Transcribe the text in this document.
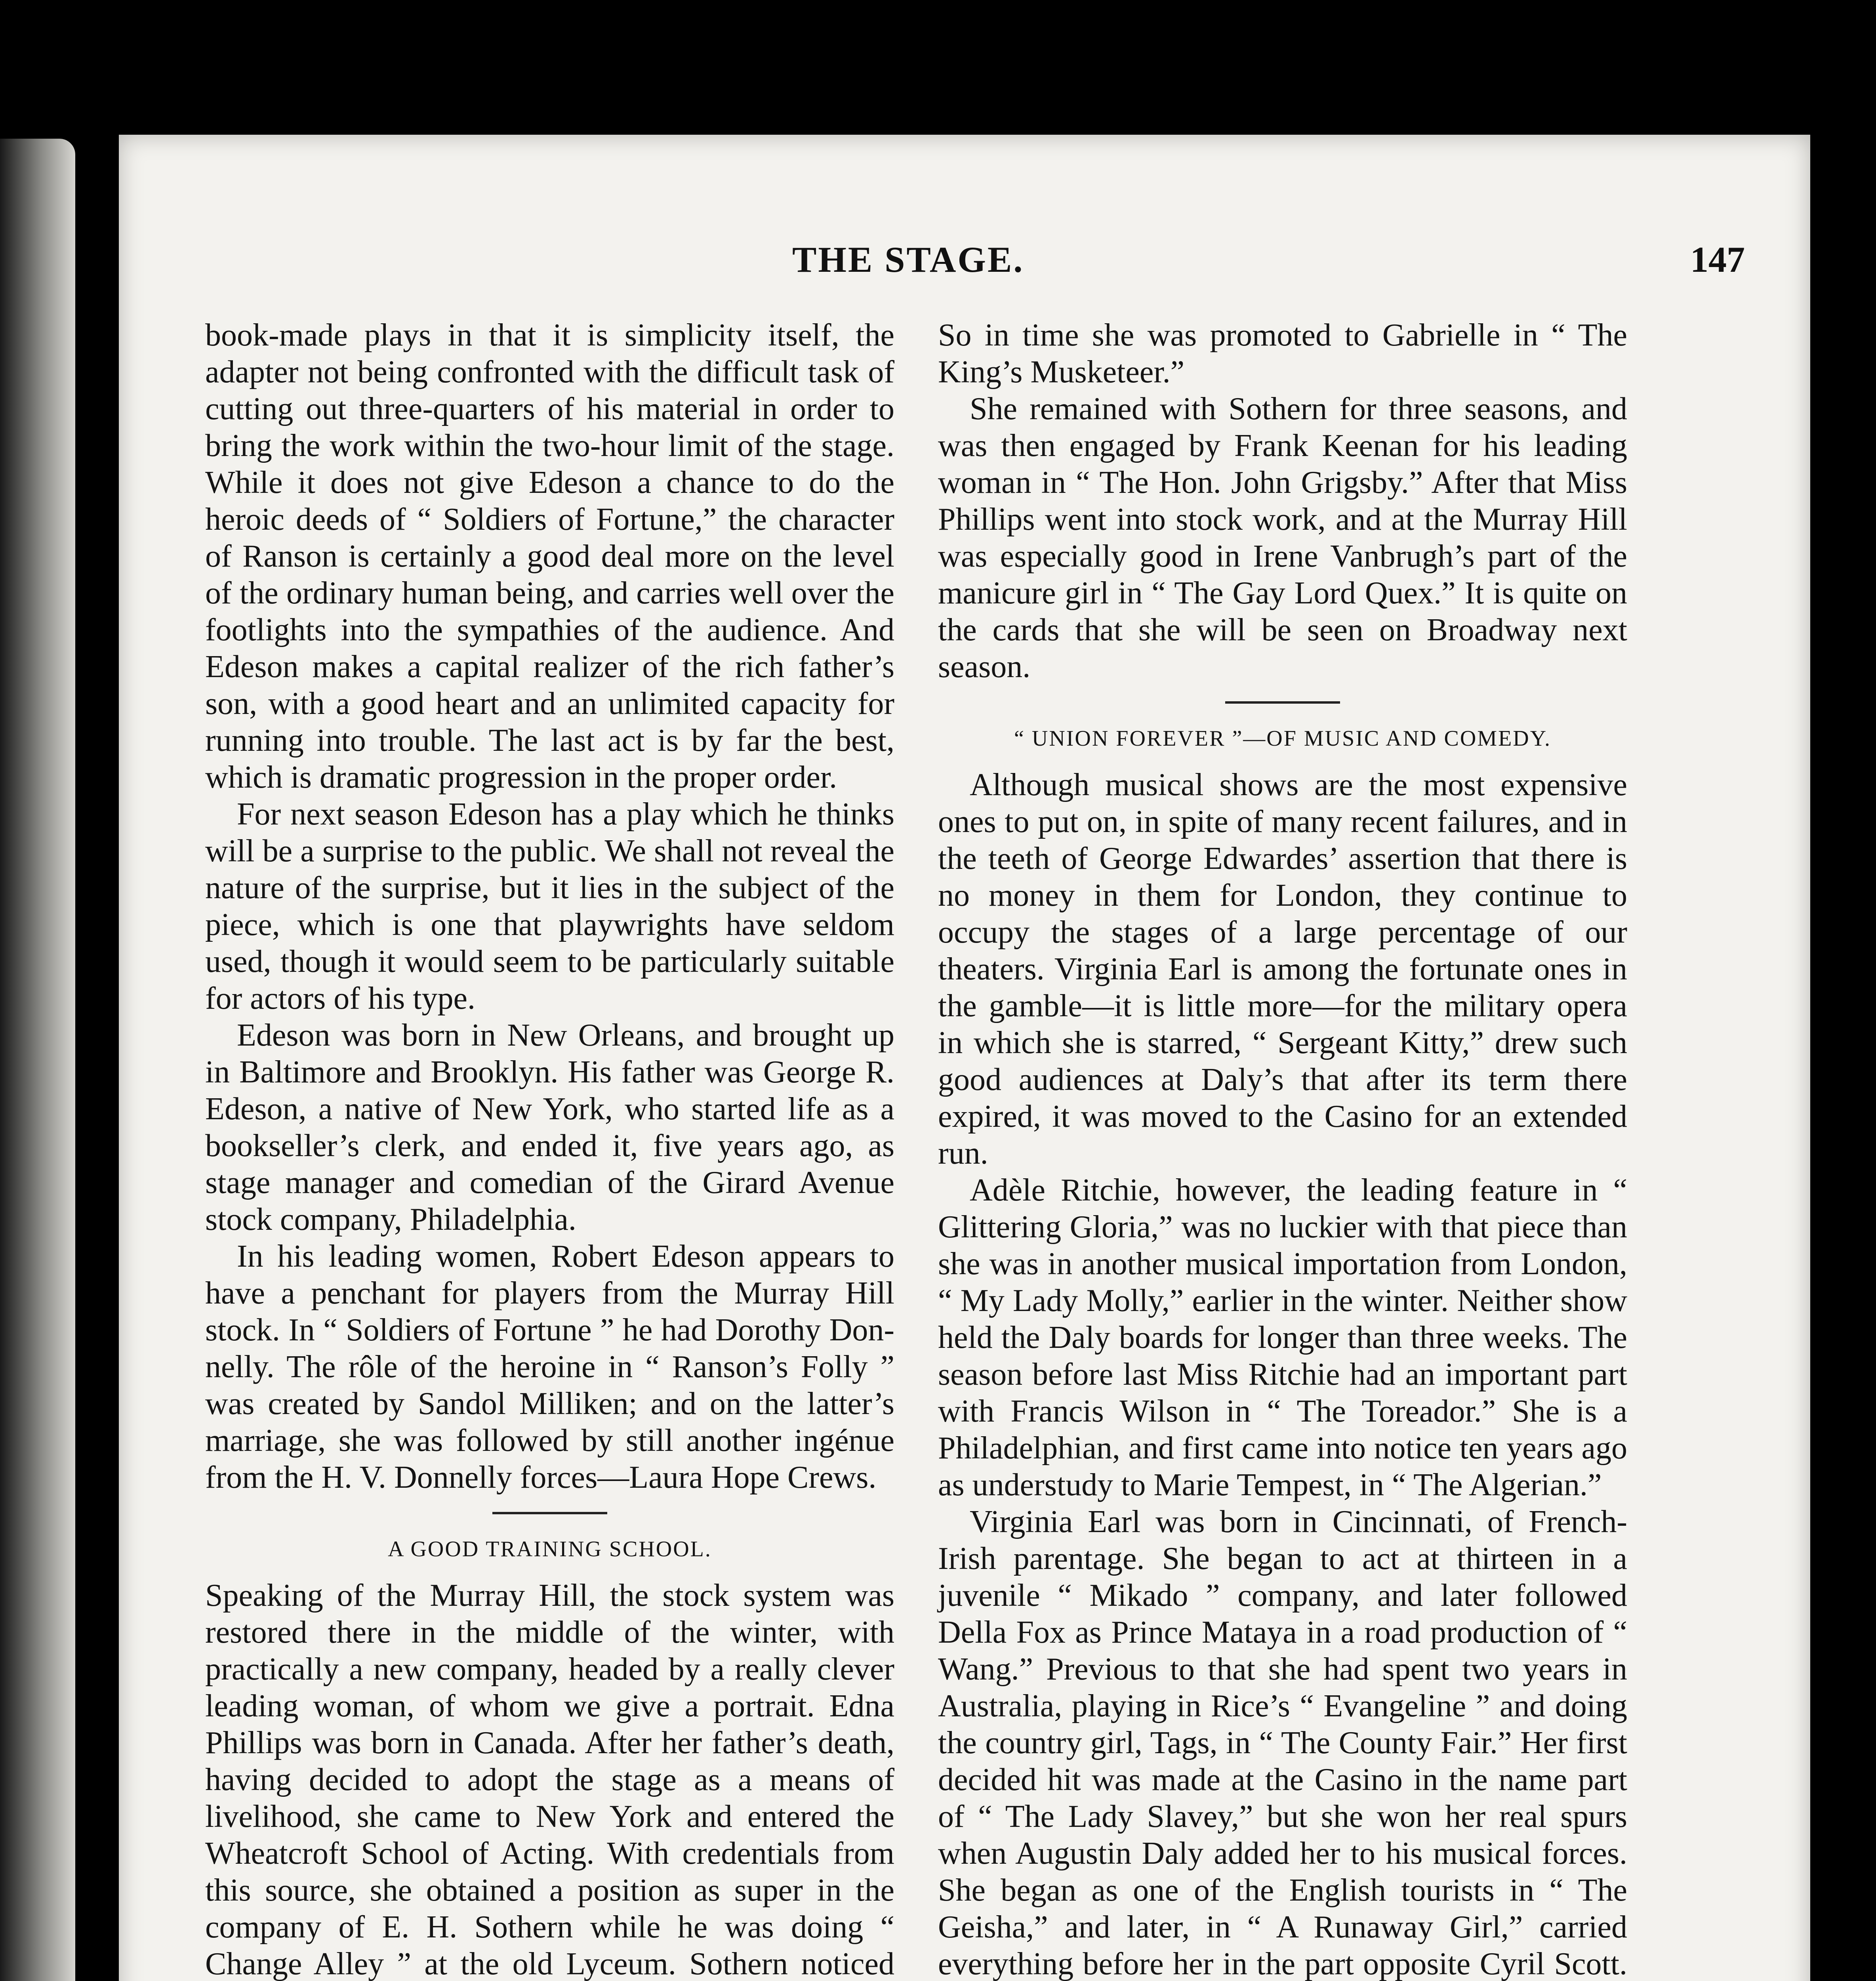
THE STAGE.	147

book-made plays in that it is simplicity itself, the adapter not being confronted with the difficult task of cutting out three-quarters of his material in order to bring the work within the two-hour limit of the stage. While it does not give Edeson a chance to do the heroic deeds of “ Soldiers of Fortune,” the character of Ranson is certainly a good deal more on the level of the ordinary human being, and carries well over the footlights into the sympathies of the audience. And Edeson makes a capital realizer of the rich father’s son, with a good heart and an unlimited capacity for running into trouble. The last act is by far the best, which is dramatic progression in the proper order.

For next season Edeson has a play which he thinks will be a surprise to the public. We shall not reveal the nature of the surprise, but it lies in the subject of the piece, which is one that playwrights have seldom used, though it would seem to be particularly suitable for actors of his type.

Edeson was born in New Orleans, and brought up in Baltimore and Brooklyn. His father was George R. Edeson, a native of New York, who started life as a bookseller’s clerk, and ended it, five years ago, as stage manager and comedian of the Girard Avenue stock company, Philadelphia.

In his leading women, Robert Edeson appears to have a penchant for players from the Murray Hill stock. In “ Soldiers of Fortune ” he had Dorothy Donnelly. The rôle of the heroine in “ Ranson’s Folly ” was created by Sandol Milliken; and on the latter’s marriage, she was followed by still another ingénue from the H. V. Donnelly forces—Laura Hope Crews.

A GOOD TRAINING SCHOOL.

Speaking of the Murray Hill, the stock system was restored there in the middle of the winter, with practically a new company, headed by a really clever leading woman, of whom we give a portrait. Edna Phillips was born in Canada. After her father’s death, having decided to adopt the stage as a means of livelihood, she came to New York and entered the Wheatcroft School of Acting. With credentials from this source, she obtained a position as super in the company of E. H. Sothern while he was doing “ Change Alley ” at the old Lyceum. Sothern noticed

So in time she was promoted to Gabrielle in “ The King’s Musketeer.”

She remained with Sothern for three seasons, and was then engaged by Frank Keenan for his leading woman in “ The Hon. John Grigsby.” After that Miss Phillips went into stock work, and at the Murray Hill was especially good in Irene Vanbrugh’s part of the manicure girl in “ The Gay Lord Quex.” It is quite on the cards that she will be seen on Broadway next season.

“ UNION FOREVER ”—OF MUSIC AND COMEDY.

Although musical shows are the most expensive ones to put on, in spite of many recent failures, and in the teeth of George Edwardes’ assertion that there is no money in them for London, they continue to occupy the stages of a large percentage of our theaters. Virginia Earl is among the fortunate ones in the gamble—it is little more—for the military opera in which she is starred, “ Sergeant Kitty,” drew such good audiences at Daly’s that after its term there expired, it was moved to the Casino for an extended run.

Adèle Ritchie, however, the leading feature in “ Glittering Gloria,” was no luckier with that piece than she was in another musical importation from London, “ My Lady Molly,” earlier in the winter. Neither show held the Daly boards for longer than three weeks. The season before last Miss Ritchie had an important part with Francis Wilson in “ The Toreador.” She is a Philadelphian, and first came into notice ten years ago as understudy to Marie Tempest, in “ The Algerian.”

Virginia Earl was born in Cincinnati, of French-Irish parentage. She began to act at thirteen in a juvenile “ Mikado ” company, and later followed Della Fox as Prince Mataya in a road production of “ Wang.” Previous to that she had spent two years in Australia, playing in Rice’s “ Evangeline ” and doing the country girl, Tags, in “ The County Fair.” Her first decided hit was made at the Casino in the name part of “ The Lady Slavey,” but she won her real spurs when Augustin Daly added her to his musical forces. She began as one of the English tourists in “ The Geisha,” and later, in “ A Runaway Girl,” carried everything before her in the part opposite Cyril Scott.
